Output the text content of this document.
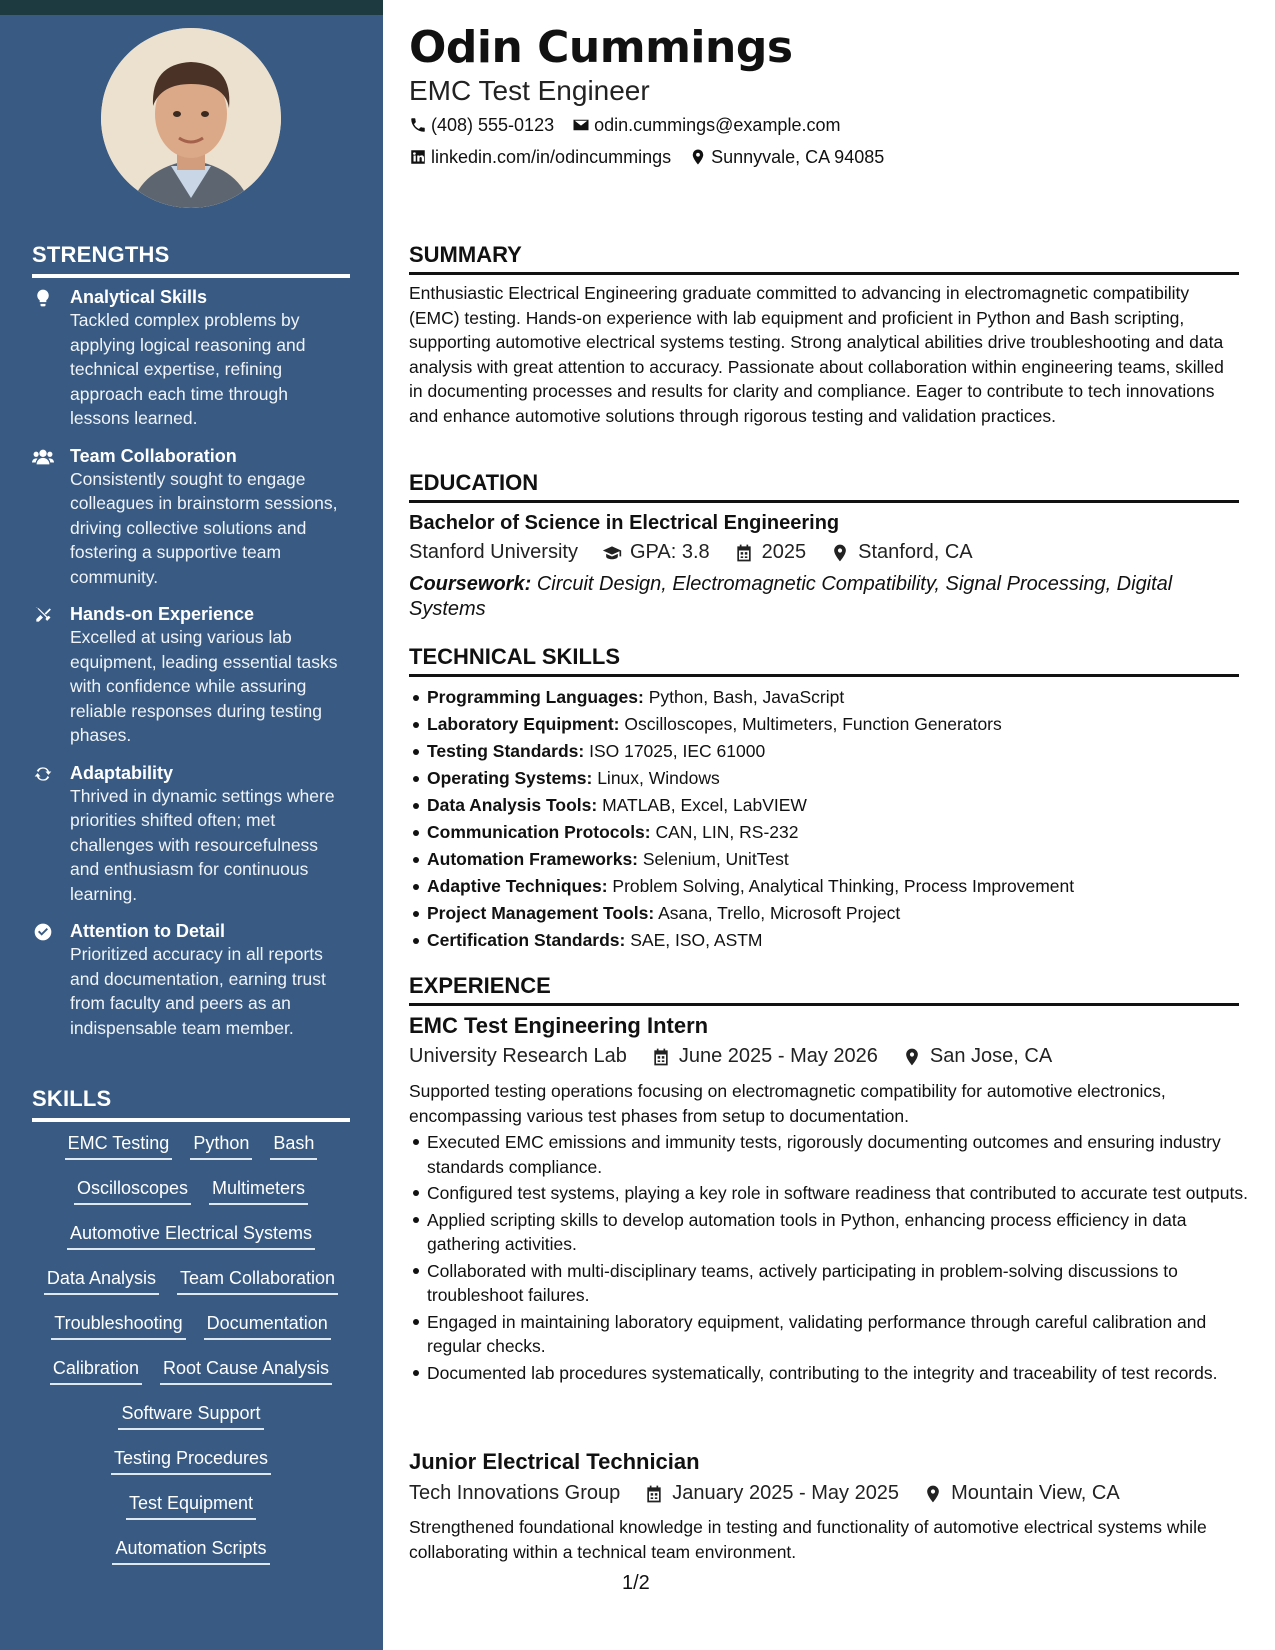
STRENGTHS
Analytical Skills
Tackled complex problems by applying logical reasoning and technical expertise, refining approach each time through lessons learned.
Team Collaboration
Consistently sought to engage colleagues in brainstorm sessions, driving collective solutions and fostering a supportive team community.
Hands-on Experience
Excelled at using various lab equipment, leading essential tasks with confidence while assuring reliable responses during testing phases.
Adaptability
Thrived in dynamic settings where priorities shifted often; met challenges with resourcefulness and enthusiasm for continuous learning.
Attention to Detail
Prioritized accuracy in all reports and documentation, earning trust from faculty and peers as an indispensable team member.
SKILLS
EMC Testing Python Bash
Oscilloscopes Multimeters
Automotive Electrical Systems
Data Analysis Team Collaboration
Troubleshooting Documentation
Calibration Root Cause Analysis
Software Support
Testing Procedures
Test Equipment
Automation Scripts
Odin Cummings
EMC Test Engineer
(408) 555-0123 odin.cummings@example.com
linkedin.com/in/odincummings Sunnyvale, CA 94085
SUMMARY
Enthusiastic Electrical Engineering graduate committed to advancing in electromagnetic compatibility (EMC) testing. Hands-on experience with lab equipment and proficient in Python and Bash scripting, supporting automotive electrical systems testing. Strong analytical abilities drive troubleshooting and data analysis with great attention to accuracy. Passionate about collaboration within engineering teams, skilled in documenting processes and results for clarity and compliance. Eager to contribute to tech innovations and enhance automotive solutions through rigorous testing and validation practices.
EDUCATION
Bachelor of Science in Electrical Engineering
Stanford University	GPA: 3.8	2025	Stanford, CA
Coursework: Circuit Design, Electromagnetic Compatibility, Signal Processing, Digital Systems
TECHNICAL SKILLS
Programming Languages: Python, Bash, JavaScript
Laboratory Equipment: Oscilloscopes, Multimeters, Function Generators
Testing Standards: ISO 17025, IEC 61000
Operating Systems: Linux, Windows
Data Analysis Tools: MATLAB, Excel, LabVIEW
Communication Protocols: CAN, LIN, RS-232
Automation Frameworks: Selenium, UnitTest
Adaptive Techniques: Problem Solving, Analytical Thinking, Process Improvement
Project Management Tools: Asana, Trello, Microsoft Project
Certification Standards: SAE, ISO, ASTM
EXPERIENCE
EMC Test Engineering Intern
University Research Lab	June 2025 - May 2026	San Jose, CA
Supported testing operations focusing on electromagnetic compatibility for automotive electronics, encompassing various test phases from setup to documentation.
Executed EMC emissions and immunity tests, rigorously documenting outcomes and ensuring industry standards compliance.
Configured test systems, playing a key role in software readiness that contributed to accurate test outputs.
Applied scripting skills to develop automation tools in Python, enhancing process efficiency in data gathering activities.
Collaborated with multi-disciplinary teams, actively participating in problem-solving discussions to troubleshoot failures.
Engaged in maintaining laboratory equipment, validating performance through careful calibration and regular checks.
Documented lab procedures systematically, contributing to the integrity and traceability of test records.
Junior Electrical Technician
Tech Innovations Group	January 2025 - May 2025	Mountain View, CA
Strengthened foundational knowledge in testing and functionality of automotive electrical systems while collaborating within a technical team environment.
1/2
